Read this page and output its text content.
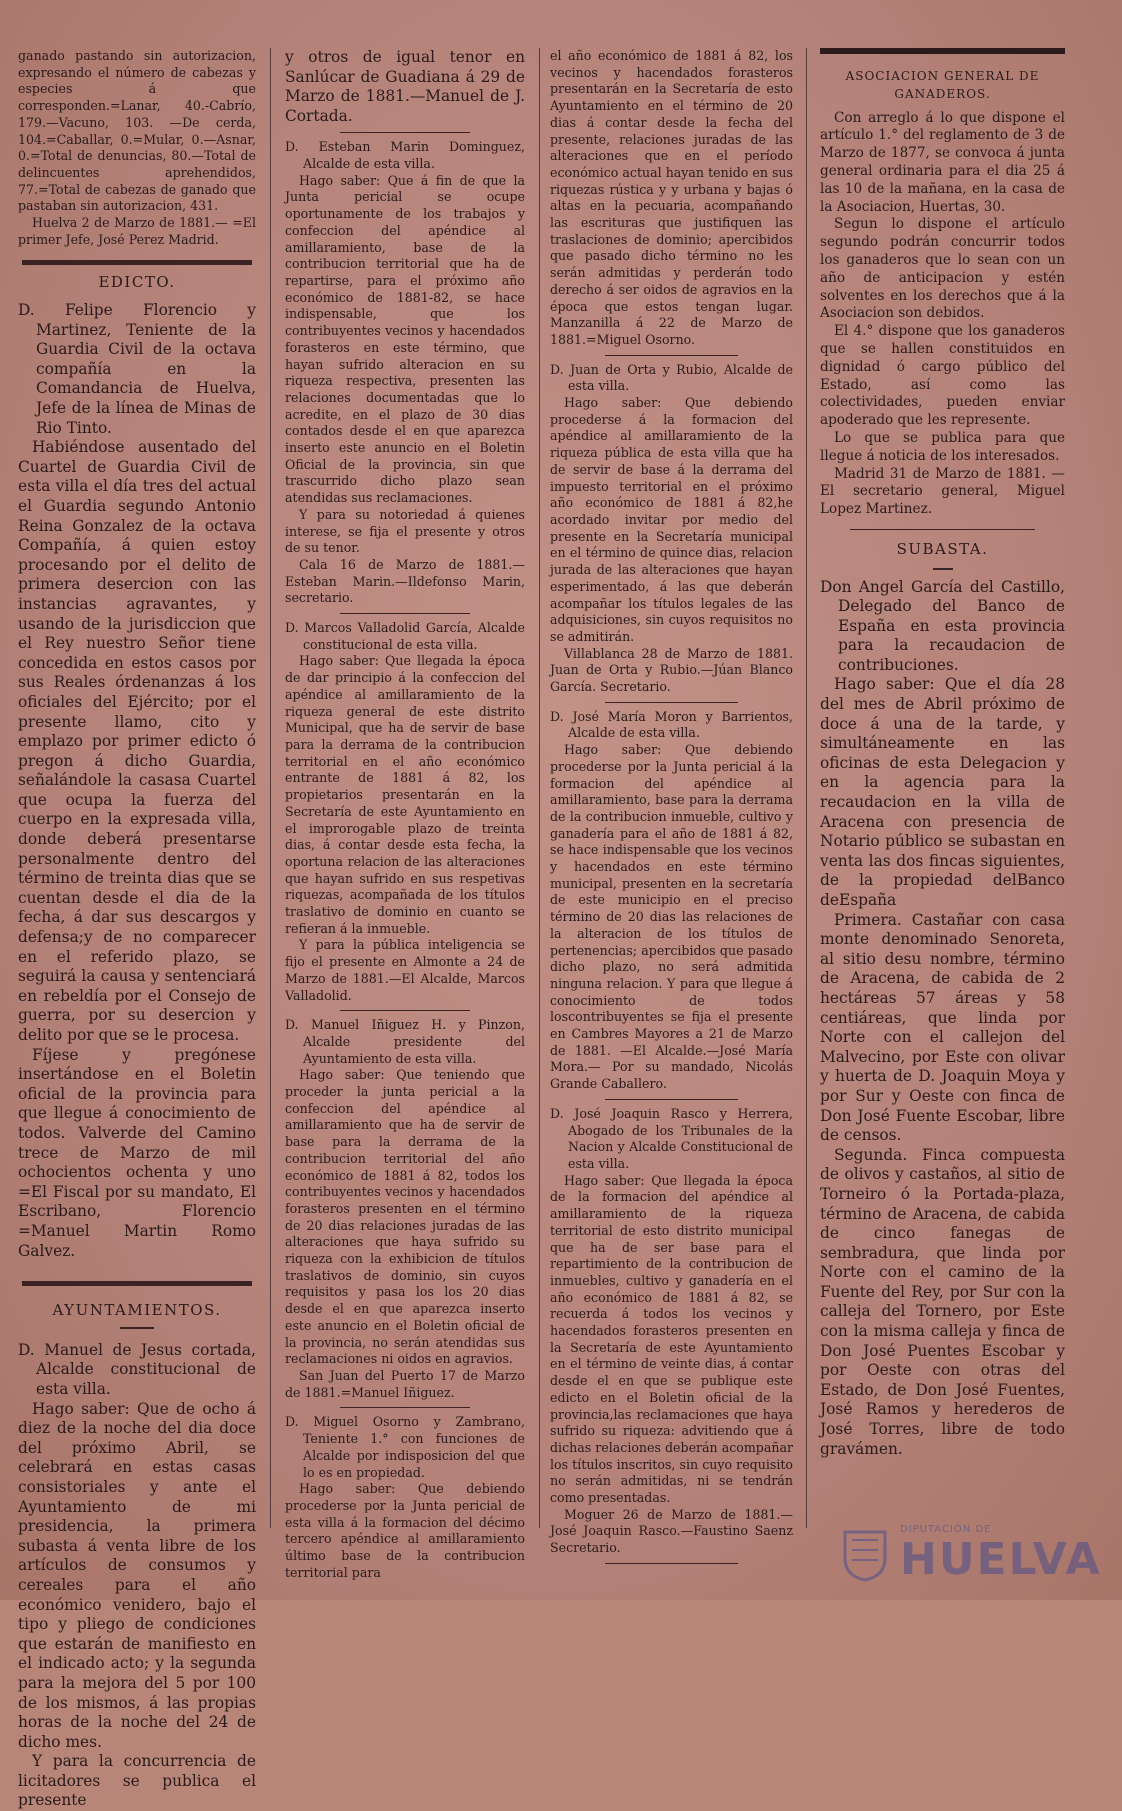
ganado pastando sin autorizacion, expresando el número de cabezas y especies á que corresponden.=Lanar, 40.-Cabrío, 179.—Vacuno, 103. —De cerda, 104.=Caballar, 0.=Mular, 0.—Asnar, 0.=Total de denuncias, 80.—Total de delincuentes aprehendidos, 77.=Total de cabezas de ganado que pastaban sin autorizacion, 431.

Huelva 2 de Marzo de 1881.— =El primer Jefe, José Perez Madrid.

EDICTO.

D. Felipe Florencio y Martinez, Teniente de la Guardia Civil de la octava compañía en la Comandancia de Huelva, Jefe de la línea de Minas de Rio Tinto.

Habiéndose ausentado del Cuartel de Guardia Civil de esta villa el día tres del actual el Guardia segundo Antonio Reina Gonzalez de la octava Compañía, á quien estoy procesando por el delito de primera desercion con las instancias agravantes, y usando de la jurisdiccion que el Rey nuestro Señor tiene concedida en estos casos por sus Reales órdenanzas á los oficiales del Ejército; por el presente llamo, cito y emplazo por primer edicto ó pregon á dicho Guardia, señalándole la casasa Cuartel que ocupa la fuerza del cuerpo en la expresada villa, donde deberá presentarse personalmente dentro del término de treinta dias que se cuentan desde el dia de la fecha, á dar sus descargos y defensa;y de no comparecer en el referido plazo, se seguirá la causa y sentenciará en rebeldía por el Consejo de guerra, por su desercion y delito por que se le procesa.

Fíjese y pregónese insertándose en el Boletin oficial de la provincia para que llegue á conocimiento de todos. Valverde del Camino trece de Marzo de mil ochocientos ochenta y uno =El Fiscal por su mandato, El Escribano, Florencio =Manuel Martin Romo Galvez.

AYUNTAMIENTOS.

D. Manuel de Jesus cortada, Alcalde constitucional de esta villa.

Hago saber: Que de ocho á diez de la noche del dia doce del próximo Abril, se celebrará en estas casas consistoriales y ante el Ayuntamiento de mi presidencia, la primera subasta á venta libre de los artículos de consumos y cereales para el año económico venidero, bajo el tipo y pliego de condiciones que estarán de manifiesto en el indicado acto; y la segunda para la mejora del 5 por 100 de los mismos, á las propias horas de la noche del 24 de dicho mes.

Y para la concurrencia de licitadores se publica el presente

y otros de igual tenor en Sanlúcar de Guadiana á 29 de Marzo de 1881.—Manuel de J. Cortada.

D. Esteban Marin Dominguez, Alcalde de esta villa.

Hago saber: Que á fin de que la Junta pericial se ocupe oportunamente de los trabajos y confeccion del apéndice al amillaramiento, base de la contribucion territorial que ha de repartirse, para el próximo año económico de 1881-82, se hace indispensable, que los contribuyentes vecinos y hacendados forasteros en este término, que hayan sufrido alteracion en su riqueza respectiva, presenten las relaciones documentadas que lo acredite, en el plazo de 30 dias contados desde el en que aparezca inserto este anuncio en el Boletin Oficial de la provincia, sin que trascurrido dicho plazo sean atendidas sus reclamaciones.

Y para su notoriedad á quienes interese, se fija el presente y otros de su tenor.

Cala 16 de Marzo de 1881.— Esteban Marin.—Ildefonso Marin, secretario.

D. Marcos Valladolid García, Alcalde constitucional de esta villa.

Hago saber: Que llegada la época de dar principio á la confeccion del apéndice al amillaramiento de la riqueza general de este distrito Municipal, que ha de servir de base para la derrama de la contribucion territorial en el año económico entrante de 1881 á 82, los propietarios presentarán en la Secretaría de este Ayuntamiento en el improrogable plazo de treinta dias, á contar desde esta fecha, la oportuna relacion de las alteraciones que hayan sufrido en sus respetivas riquezas, acompañada de los títulos traslativo de dominio en cuanto se refieran á la inmueble.

Y para la pública inteligencia se fijo el presente en Almonte a 24 de Marzo de 1881.—El Alcalde, Marcos Valladolid.

D. Manuel Iñiguez H. y Pinzon, Alcalde presidente del Ayuntamiento de esta villa.

Hago saber: Que teniendo que proceder la junta pericial a la confeccion del apéndice al amillaramiento que ha de servir de base para la derrama de la contribucion territorial del año económico de 1881 á 82, todos los contribuyentes vecinos y hacendados forasteros presenten en el término de 20 dias relaciones juradas de las alteraciones que haya sufrido su riqueza con la exhibicion de títulos traslativos de dominio, sin cuyos requisitos y pasa los los 20 dias desde el en que aparezca inserto este anuncio en el Boletin oficial de la provincia, no serán atendidas sus reclamaciones ni oidos en agravios.

San Juan del Puerto 17 de Marzo de 1881.=Manuel Iñiguez.

D. Miguel Osorno y Zambrano, Teniente 1.° con funciones de Alcalde por indisposicion del que lo es en propiedad.

Hago saber: Que debiendo procederse por la Junta pericial de esta villa á la formacion del décimo tercero apéndice al amillaramiento último base de la contribucion territorial para

el año económico de 1881 á 82, los vecinos y hacendados forasteros presentarán en la Secretaría de esto Ayuntamiento en el término de 20 dias á contar desde la fecha del presente, relaciones juradas de las alteraciones que en el período económico actual hayan tenido en sus riquezas rústica y y urbana y bajas ó altas en la pecuaria, acompañando las escrituras que justifiquen las traslaciones de dominio; apercibidos que pasado dicho término no les serán admitidas y perderán todo derecho á ser oidos de agravios en la época que estos tengan lugar. Manzanilla á 22 de Marzo de 1881.=Miguel Osorno.

D. Juan de Orta y Rubio, Alcalde de esta villa.

Hago saber: Que debiendo procederse á la formacion del apéndice al amillaramiento de la riqueza pública de esta villa que ha de servir de base á la derrama del impuesto territorial en el próximo año económico de 1881 á 82,he acordado invitar por medio del presente en la Secretaría municipal en el término de quince dias, relacion jurada de las alteraciones que hayan esperimentado, á las que deberán acompañar los títulos legales de las adquisiciones, sin cuyos requisitos no se admitirán.

Villablanca 28 de Marzo de 1881. Juan de Orta y Rubio.—Júan Blanco García. Secretario.

D. José María Moron y Barrientos, Alcalde de esta villa.

Hago saber: Que debiendo procederse por la Junta pericial á la formacion del apéndice al amillaramiento, base para la derrama de la contribucion inmueble, cultivo y ganadería para el año de 1881 á 82, se hace indispensable que los vecinos y hacendados en este término municipal, presenten en la secretaría de este municipio en el preciso término de 20 dias las relaciones de la alteracion de los títulos de pertenencias; apercibidos que pasado dicho plazo, no será admitida ninguna relacion. Y para que llegue á conocimiento de todos loscontribuyentes se fija el presente en Cambres Mayores a 21 de Marzo de 1881. —El Alcalde.—José María Mora.— Por su mandado, Nicolás Grande Caballero.

D. José Joaquin Rasco y Herrera, Abogado de los Tribunales de la Nacion y Alcalde Constitucional de esta villa.

Hago saber: Que llegada la época de la formacion del apéndice al amillaramiento de la riqueza territorial de esto distrito municipal que ha de ser base para el repartimiento de la contribucion de inmuebles, cultivo y ganadería en el año económico de 1881 á 82, se recuerda á todos los vecinos y hacendados forasteros presenten en la Secretaría de este Ayuntamiento en el término de veinte dias, á contar desde el en que se publique este edicto en el Boletin oficial de la provincia,las reclamaciones que haya sufrido su riqueza: advitiendo que á dichas relaciones deberán acompañar los títulos inscritos, sin cuyo requisito no serán admitidas, ni se tendrán como presentadas.

Moguer 26 de Marzo de 1881.—José Joaquin Rasco.—Faustino Saenz Secretario.

ASOCIACION GENERAL DE GANADEROS.

Con arreglo á lo que dispone el artículo 1.° del reglamento de 3 de Marzo de 1877, se convoca á junta general ordinaria para el dia 25 á las 10 de la mañana, en la casa de la Asociacion, Huertas, 30.

Segun lo dispone el artículo segundo podrán concurrir todos los ganaderos que lo sean con un año de anticipacion y estén solventes en los derechos que á la Asociacion son debidos.

El 4.° dispone que los ganaderos que se hallen constituidos en dignidad ó cargo público del Estado, así como las colectividades, pueden enviar apoderado que les represente.

Lo que se publica para que llegue á noticia de los interesados.

Madrid 31 de Marzo de 1881. — El secretario general, Miguel Lopez Martinez.

SUBASTA.

Don Angel García del Castillo, Delegado del Banco de España en esta provincia para la recaudacion de contribuciones.

Hago saber: Que el día 28 del mes de Abril próximo de doce á una de la tarde, y simultáneamente en las oficinas de esta Delegacion y en la agencia para la recaudacion en la villa de Aracena con presencia de Notario público se subastan en venta las dos fincas siguientes, de la propiedad delBanco deEspaña

Primera. Castañar con casa monte denominado Senoreta, al sitio desu nombre, término de Aracena, de cabida de 2 hectáreas 57 áreas y 58 centiáreas, que linda por Norte con el callejon del Malvecino, por Este con olivar y huerta de D. Joaquin Moya y por Sur y Oeste con finca de Don José Fuente Escobar, libre de censos.

Segunda. Finca compuesta de olivos y castaños, al sitio de Torneiro ó la Portada-plaza, término de Aracena, de cabida de cinco fanegas de sembradura, que linda por Norte con el camino de la Fuente del Rey, por Sur con la calleja del Tornero, por Este con la misma calleja y finca de Don José Puentes Escobar y por Oeste con otras del Estado, de Don José Fuentes, José Ramos y herederos de José Torres, libre de todo gravámen.

DIPUTACIÓN DE
HUELVA
